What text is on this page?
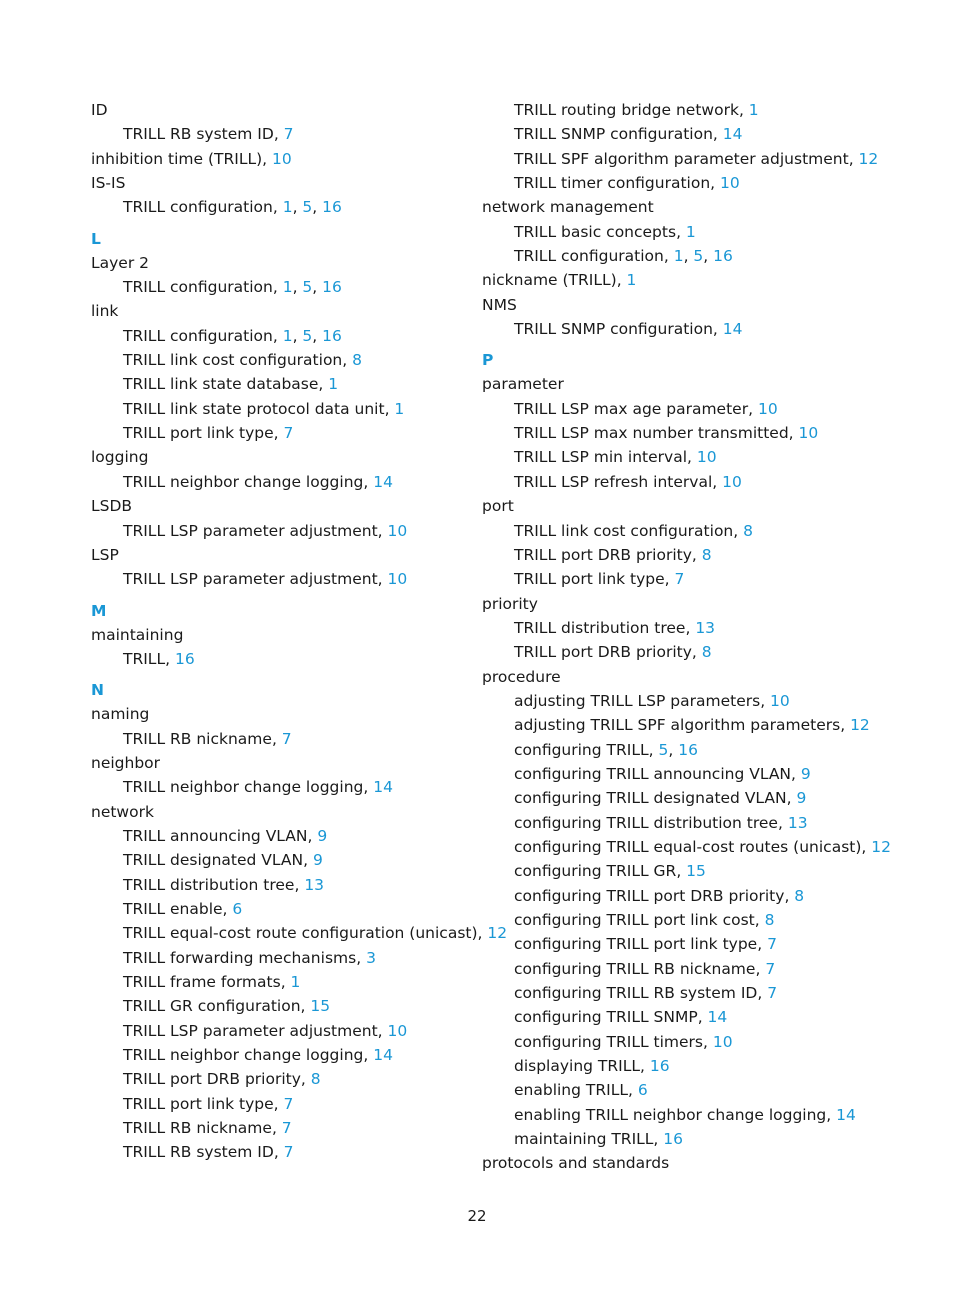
ID
TRILL RB system ID, 7
inhibition time (TRILL), 10
IS-IS
TRILL configuration, 1, 5, 16
L
Layer 2
TRILL configuration, 1, 5, 16
link
TRILL configuration, 1, 5, 16
TRILL link cost configuration, 8
TRILL link state database, 1
TRILL link state protocol data unit, 1
TRILL port link type, 7
logging
TRILL neighbor change logging, 14
LSDB
TRILL LSP parameter adjustment, 10
LSP
TRILL LSP parameter adjustment, 10
M
maintaining
TRILL, 16
N
naming
TRILL RB nickname, 7
neighbor
TRILL neighbor change logging, 14
network
TRILL announcing VLAN, 9
TRILL designated VLAN, 9
TRILL distribution tree, 13
TRILL enable, 6
TRILL equal-cost route configuration (unicast), 12
TRILL forwarding mechanisms, 3
TRILL frame formats, 1
TRILL GR configuration, 15
TRILL LSP parameter adjustment, 10
TRILL neighbor change logging, 14
TRILL port DRB priority, 8
TRILL port link type, 7
TRILL RB nickname, 7
TRILL RB system ID, 7
TRILL routing bridge network, 1
TRILL SNMP configuration, 14
TRILL SPF algorithm parameter adjustment, 12
TRILL timer configuration, 10
network management
TRILL basic concepts, 1
TRILL configuration, 1, 5, 16
nickname (TRILL), 1
NMS
TRILL SNMP configuration, 14
P
parameter
TRILL LSP max age parameter, 10
TRILL LSP max number transmitted, 10
TRILL LSP min interval, 10
TRILL LSP refresh interval, 10
port
TRILL link cost configuration, 8
TRILL port DRB priority, 8
TRILL port link type, 7
priority
TRILL distribution tree, 13
TRILL port DRB priority, 8
procedure
adjusting TRILL LSP parameters, 10
adjusting TRILL SPF algorithm parameters, 12
configuring TRILL, 5, 16
configuring TRILL announcing VLAN, 9
configuring TRILL designated VLAN, 9
configuring TRILL distribution tree, 13
configuring TRILL equal-cost routes (unicast), 12
configuring TRILL GR, 15
configuring TRILL port DRB priority, 8
configuring TRILL port link cost, 8
configuring TRILL port link type, 7
configuring TRILL RB nickname, 7
configuring TRILL RB system ID, 7
configuring TRILL SNMP, 14
configuring TRILL timers, 10
displaying TRILL, 16
enabling TRILL, 6
enabling TRILL neighbor change logging, 14
maintaining TRILL, 16
protocols and standards
22
